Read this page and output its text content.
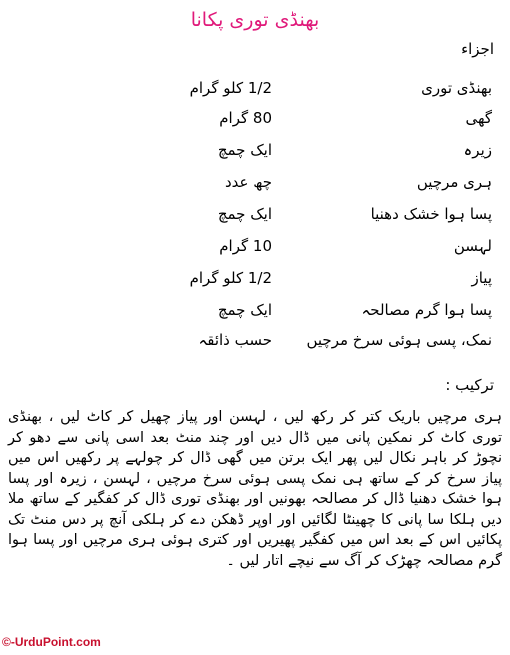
بھنڈی توری پکانا
اجزاء
بھنڈی توری
1/2 کلو گرام
گھی
80 گرام
زیرہ
ایک چمچ
ہری مرچیں
چھ عدد
پسا ہوا خشک دھنیا
ایک چمچ
لہسن
10 گرام
پیاز
1/2 کلو گرام
پسا ہوا گرم مصالحہ
ایک چمچ
نمک، پسی ہوئی سرخ مرچیں
حسب ذائقہ
ترکیب :

ہری مرچیں باریک کتر کر رکھ لیں ، لہسن اور پیاز چھیل کر کاٹ لیں ، بھنڈی توری کاٹ کر نمکین پانی میں ڈال دیں اور چند منٹ بعد اسی پانی سے دھو کر نچوڑ کر باہر نکال لیں پھر ایک برتن میں گھی ڈال کر چولہے پر رکھیں اس میں پیاز سرخ کر کے ساتھ ہی نمک پسی ہوئی سرخ مرچیں ، لہسن ، زیرہ اور پسا ہوا خشک دھنیا ڈال کر مصالحہ بھونیں اور بھنڈی توری ڈال کر کفگیر کے ساتھ ملا دیں ہلکا سا پانی کا چھینٹا لگائیں اور اوپر ڈھکن دے کر ہلکی آنچ پر دس منٹ تک پکائیں اس کے بعد اس میں کفگیر پھیریں اور کتری ہوئی ہری مرچیں اور پسا ہوا گرم مصالحہ چھڑک کر آگ سے نیچے اتار لیں ۔

©-UrduPoint.com
